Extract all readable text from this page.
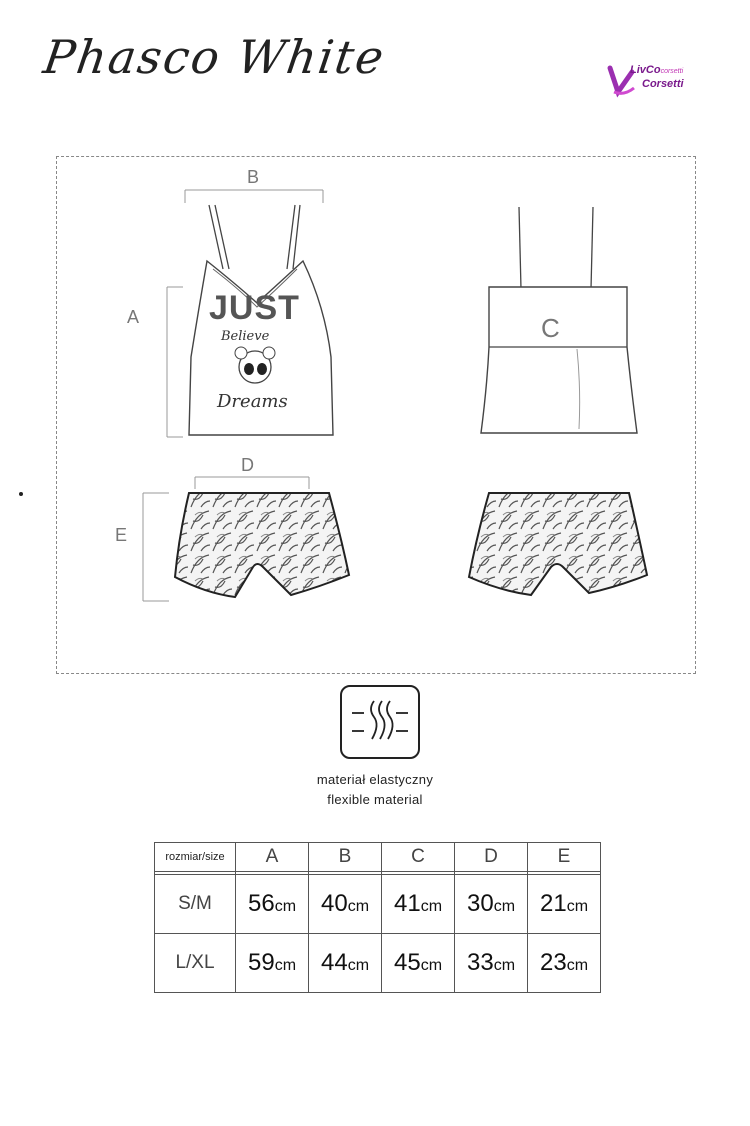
Phasco White	LivCocorsetti
Corsetti
B
A	C
D
E
JUST
Believe
Dreams
materiał elastyczny
flexible material
rozmiar/size	A	B	C	D	E

S/M	56cm	40cm	41cm	30cm	21cm
L/XL	59cm	44cm	45cm	33cm	23cm
